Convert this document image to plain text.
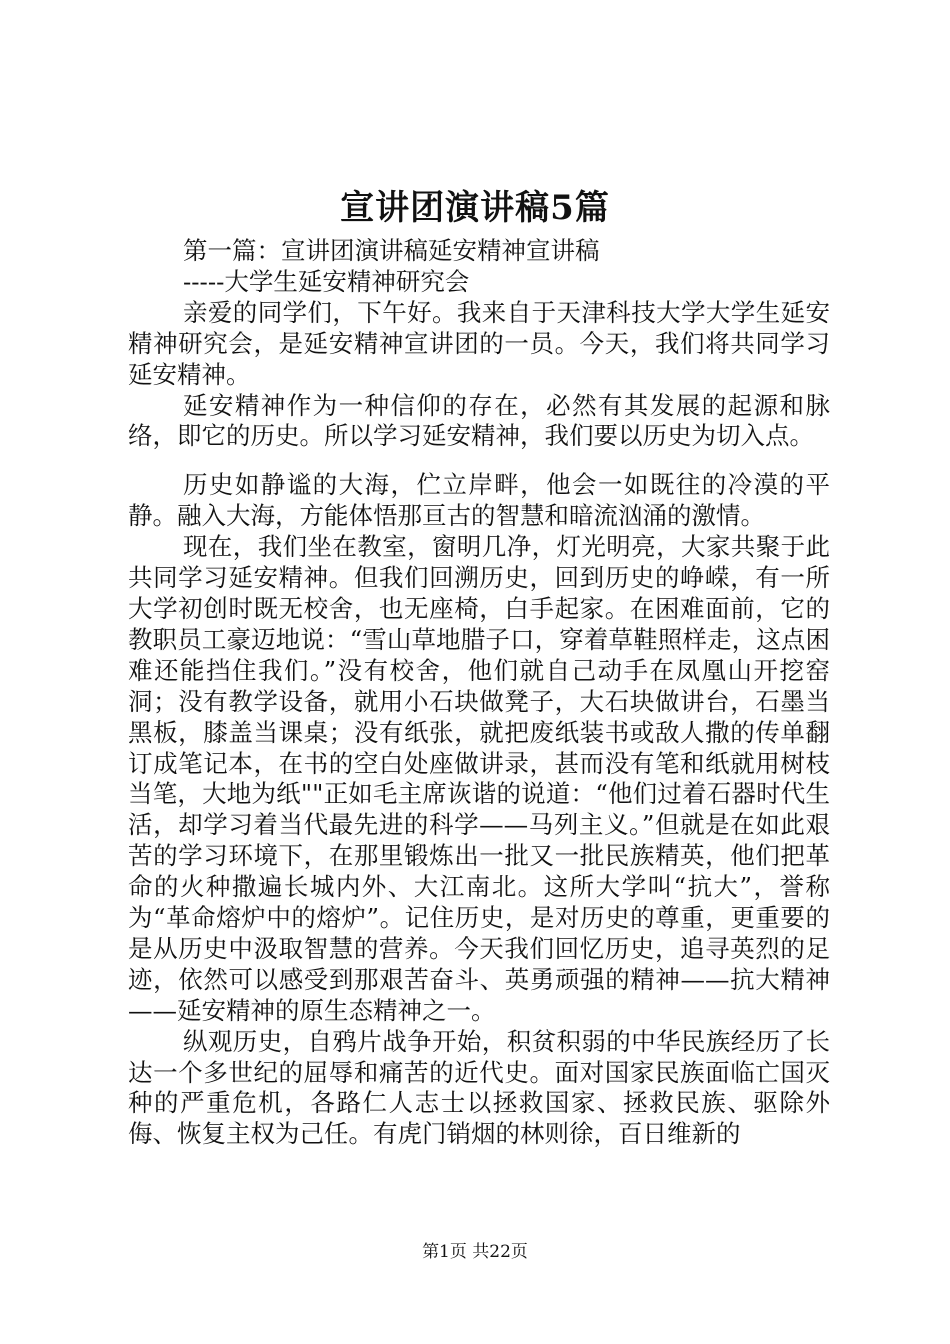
宣讲团演讲稿5篇

第一篇：宣讲团演讲稿延安精神宣讲稿

-----大学生延安精神研究会

亲爱的同学们，下午好。我来自于天津科技大学大学生延安精神研究会，是延安精神宣讲团的一员。今天，我们将共同学习延安精神。

延安精神作为一种信仰的存在，必然有其发展的起源和脉络，即它的历史。所以学习延安精神，我们要以历史为切入点。

历史如静谧的大海，伫立岸畔，他会一如既往的冷漠的平静。融入大海，方能体悟那亘古的智慧和暗流汹涌的激情。

现在，我们坐在教室，窗明几净，灯光明亮，大家共聚于此共同学习延安精神。但我们回溯历史，回到历史的峥嵘，有一所大学初创时既无校舍，也无座椅，白手起家。在困难面前，它的教职员工豪迈地说：“雪山草地腊子口，穿着草鞋照样走，这点困难还能挡住我们。”没有校舍，他们就自己动手在凤凰山开挖窑洞；没有教学设备，就用小石块做凳子，大石块做讲台，石墨当黑板，膝盖当课桌；没有纸张，就把废纸装书或敌人撒的传单翻订成笔记本，在书的空白处座做讲录，甚而没有笔和纸就用树枝当笔，大地为纸""正如毛主席诙谐的说道：“他们过着石器时代生活，却学习着当代最先进的科学——马列主义。”但就是在如此艰苦的学习环境下，在那里锻炼出一批又一批民族精英，他们把革命的火种撒遍长城内外、大江南北。这所大学叫“抗大”，誉称为“革命熔炉中的熔炉”。记住历史，是对历史的尊重，更重要的是从历史中汲取智慧的营养。今天我们回忆历史，追寻英烈的足迹，依然可以感受到那艰苦奋斗、英勇顽强的精神——抗大精神——延安精神的原生态精神之一。

纵观历史，自鸦片战争开始，积贫积弱的中华民族经历了长达一个多世纪的屈辱和痛苦的近代史。面对国家民族面临亡国灭种的严重危机，各路仁人志士以拯救国家、拯救民族、驱除外侮、恢复主权为己任。有虎门销烟的林则徐，百日维新的

第1页 共22页
